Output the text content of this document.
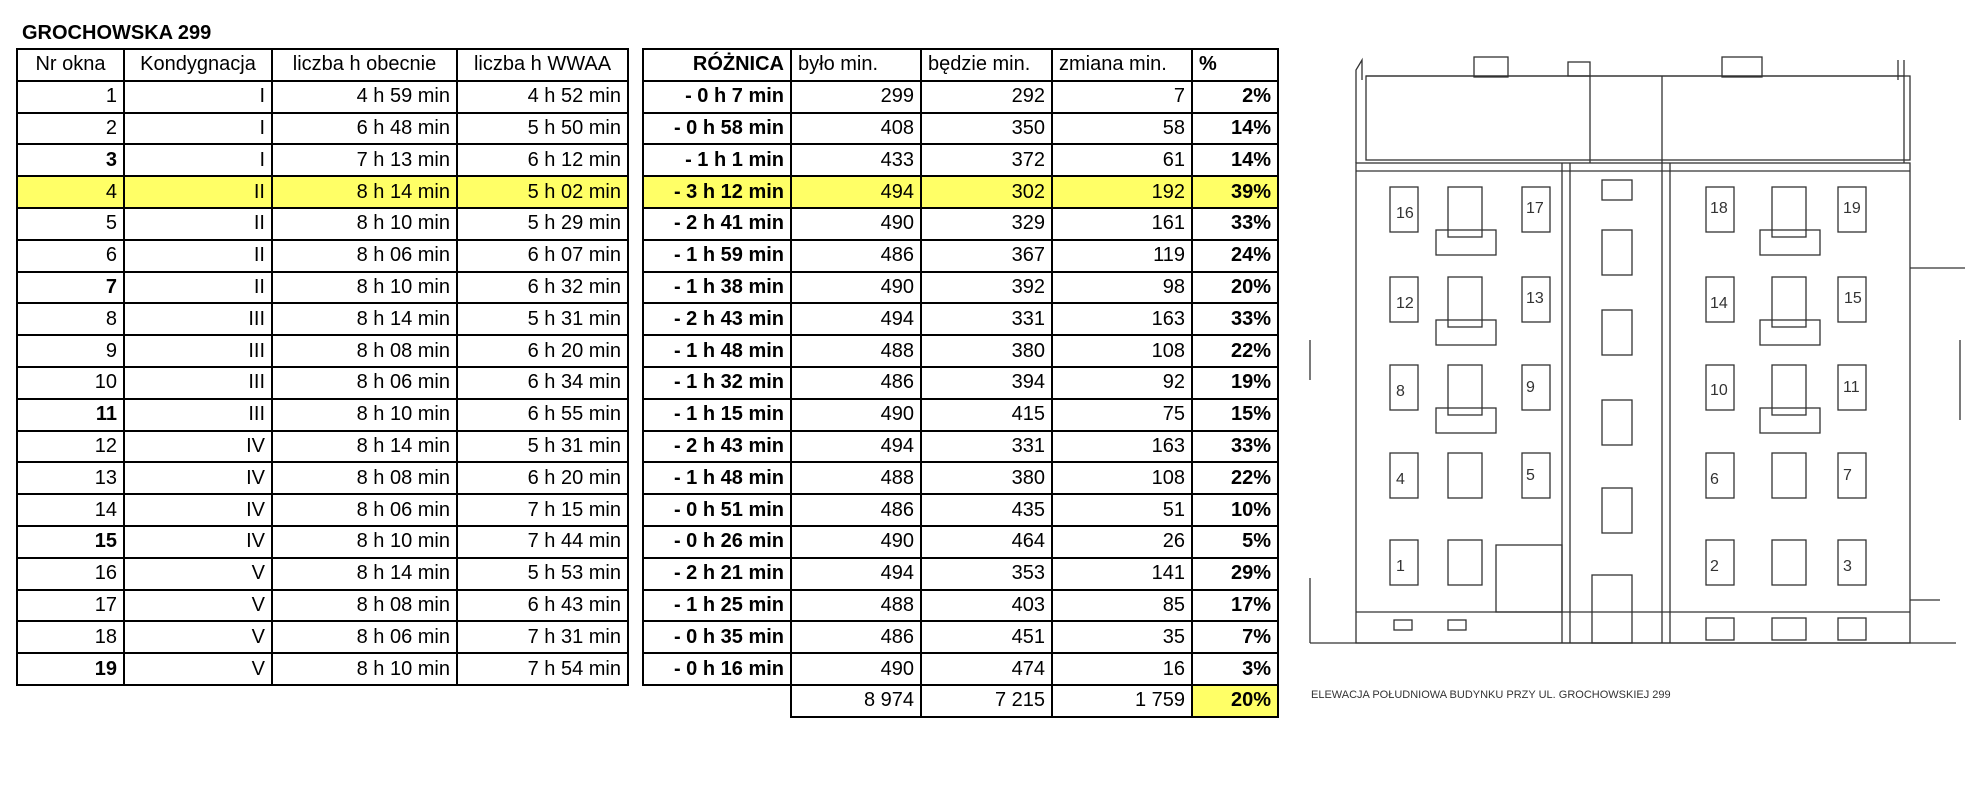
GROCHOWSKA 299
Nr okna	Kondygnacja	liczba h obecnie	liczba h WWAA
1	I	4 h 59 min	4 h 52 min
2	I	6 h 48 min	5 h 50 min
3	I	7 h 13 min	6 h 12 min
4	II	8 h 14 min	5 h 02 min
5	II	8 h 10 min	5 h 29 min
6	II	8 h 06 min	6 h 07 min
7	II	8 h 10 min	6 h 32 min
8	III	8 h 14 min	5 h 31 min
9	III	8 h 08 min	6 h 20 min
10	III	8 h 06 min	6 h 34 min
11	III	8 h 10 min	6 h 55 min
12	IV	8 h 14 min	5 h 31 min
13	IV	8 h 08 min	6 h 20 min
14	IV	8 h 06 min	7 h 15 min
15	IV	8 h 10 min	7 h 44 min
16	V	8 h 14 min	5 h 53 min
17	V	8 h 08 min	6 h 43 min
18	V	8 h 06 min	7 h 31 min
19	V	8 h 10 min	7 h 54 min
RÓŻNICA	było min.	będzie min.	zmiana min.	%
- 0 h 7 min	299	292	7	2%
- 0 h 58 min	408	350	58	14%
- 1 h 1 min	433	372	61	14%
- 3 h 12 min	494	302	192	39%
- 2 h 41 min	490	329	161	33%
- 1 h 59 min	486	367	119	24%
- 1 h 38 min	490	392	98	20%
- 2 h 43 min	494	331	163	33%
- 1 h 48 min	488	380	108	22%
- 1 h 32 min	486	394	92	19%
- 1 h 15 min	490	415	75	15%
- 2 h 43 min	494	331	163	33%
- 1 h 48 min	488	380	108	22%
- 0 h 51 min	486	435	51	10%
- 0 h 26 min	490	464	26	5%
- 2 h 21 min	494	353	141	29%
- 1 h 25 min	488	403	85	17%
- 0 h 35 min	486	451	35	7%
- 0 h 16 min	490	474	16	3%
	8 974	7 215	1 759	20%
16	17	18	19
12	13	14	15
8	9	10	11
4	5	6	7
1	2	3
ELEWACJA POŁUDNIOWA BUDYNKU PRZY UL. GROCHOWSKIEJ 299
